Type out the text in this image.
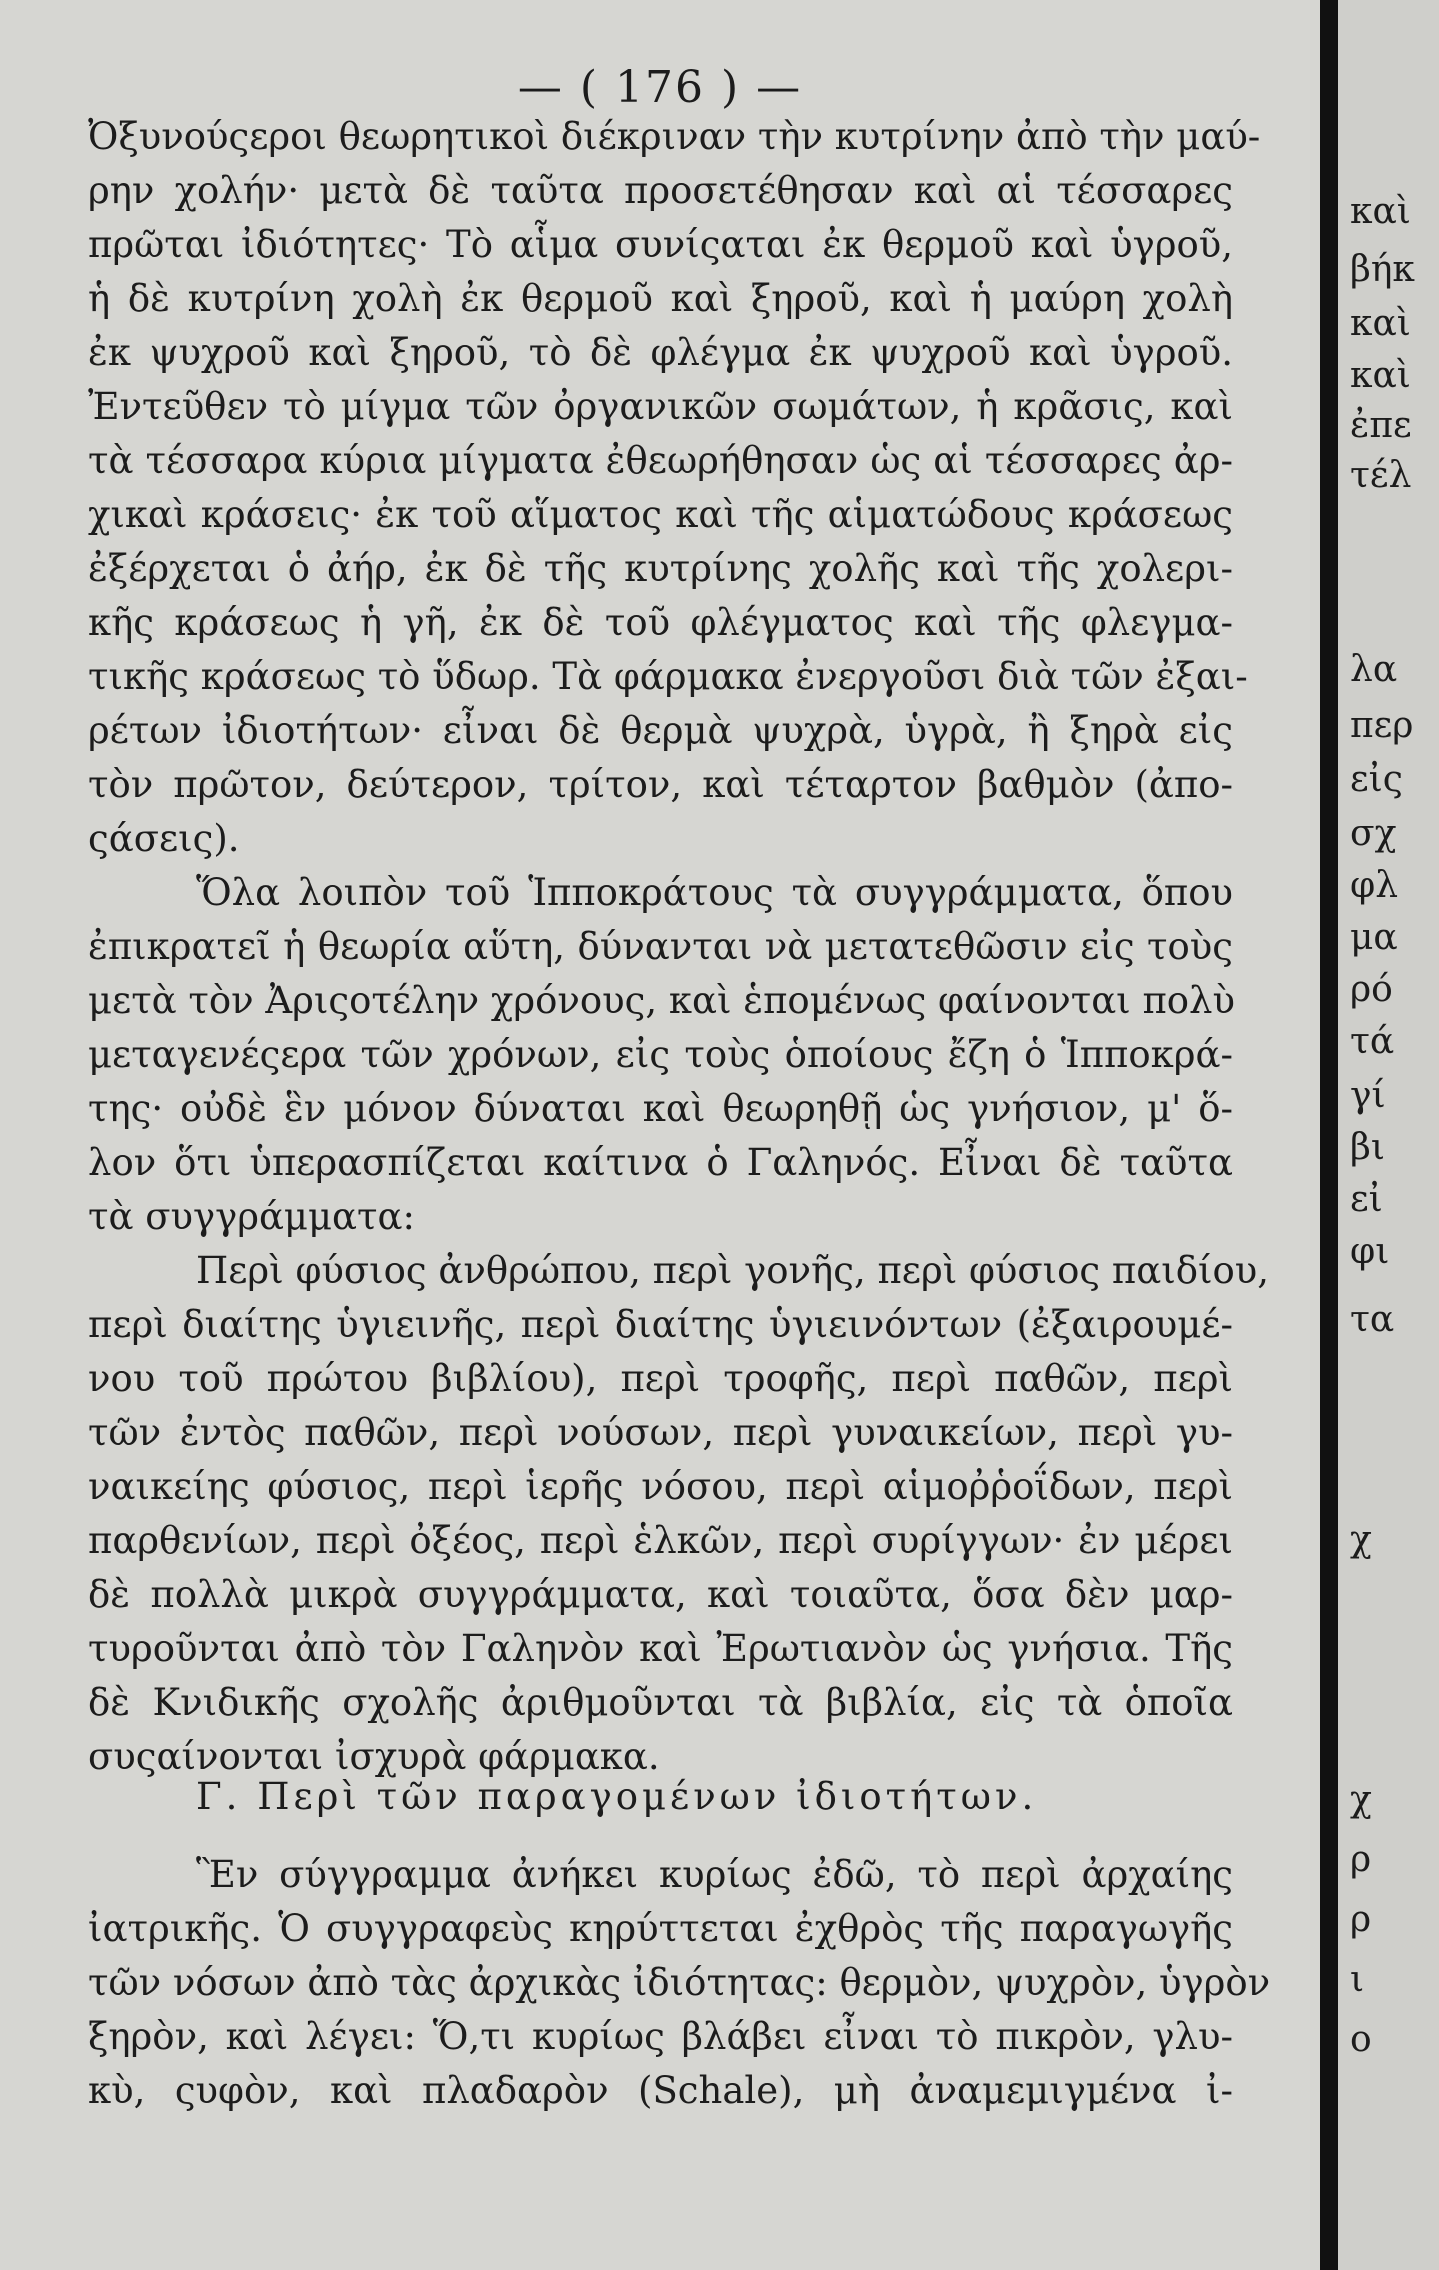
— ( 176 ) —
Ὀξυνούςεροι θεωρητικοὶ διέκριναν τὴν κυτρίνην ἀπὸ τὴν μαύ-
ρην χολήν· μετὰ δὲ ταῦτα προσετέθησαν καὶ αἱ τέσσαρες
πρῶται ἰδιότητες· Τὸ αἷμα συνίςαται ἐκ θερμοῦ καὶ ὑγροῦ,
ἡ δὲ κυτρίνη χολὴ ἐκ θερμοῦ καὶ ξηροῦ, καὶ ἡ μαύρη χολὴ
ἐκ ψυχροῦ καὶ ξηροῦ, τὸ δὲ φλέγμα ἐκ ψυχροῦ καὶ ὑγροῦ.
Ἐντεῦθεν τὸ μίγμα τῶν ὀργανικῶν σωμάτων, ἡ κρᾶσις, καὶ
τὰ τέσσαρα κύρια μίγματα ἐθεωρήθησαν ὡς αἱ τέσσαρες ἀρ-
χικαὶ κράσεις· ἐκ τοῦ αἵματος καὶ τῆς αἱματώδους κράσεως
ἐξέρχεται ὁ ἀήρ, ἐκ δὲ τῆς κυτρίνης χολῆς καὶ τῆς χολερι-
κῆς κράσεως ἡ γῆ, ἐκ δὲ τοῦ φλέγματος καὶ τῆς φλεγμα-
τικῆς κράσεως τὸ ὕδωρ. Τὰ φάρμακα ἐνεργοῦσι διὰ τῶν ἐξαι-
ρέτων ἰδιοτήτων· εἶναι δὲ θερμὰ ψυχρὰ, ὑγρὰ, ἢ ξηρὰ εἰς
τὸν πρῶτον, δεύτερον, τρίτον, καὶ τέταρτον βαθμὸν (ἀπο-
ςάσεις).
Ὅλα λοιπὸν τοῦ Ἱπποκράτους τὰ συγγράμματα, ὅπου
ἐπικρατεῖ ἡ θεωρία αὕτη, δύνανται νὰ μετατεθῶσιν εἰς τοὺς
μετὰ τὸν Ἀριςοτέλην χρόνους, καὶ ἑπομένως φαίνονται πολὺ
μεταγενέςερα τῶν χρόνων, εἰς τοὺς ὁποίους ἔζη ὁ Ἱπποκρά-
της· οὐδὲ ἓν μόνον δύναται καὶ θεωρηθῇ ὡς γνήσιον, μ' ὅ-
λον ὅτι ὑπερασπίζεται καίτινα ὁ Γαληνός. Εἶναι δὲ ταῦτα
τὰ συγγράμματα:
Περὶ φύσιος ἀνθρώπου, περὶ γονῆς, περὶ φύσιος παιδίου,
περὶ διαίτης ὑγιεινῆς, περὶ διαίτης ὑγιεινόντων (ἐξαιρουμέ-
νου τοῦ πρώτου βιβλίου), περὶ τροφῆς, περὶ παθῶν, περὶ
τῶν ἐντὸς παθῶν, περὶ νούσων, περὶ γυναικείων, περὶ γυ-
ναικείης φύσιος, περὶ ἱερῆς νόσου, περὶ αἱμοῤῥοΐδων, περὶ
παρθενίων, περὶ ὀξέος, περὶ ἑλκῶν, περὶ συρίγγων· ἐν μέρει
δὲ πολλὰ μικρὰ συγγράμματα, καὶ τοιαῦτα, ὅσα δὲν μαρ-
τυροῦνται ἀπὸ τὸν Γαληνὸν καὶ Ἐρωτιανὸν ὡς γνήσια. Τῆς
δὲ Κνιδικῆς σχολῆς ἀριθμοῦνται τὰ βιβλία, εἰς τὰ ὁποῖα
συςαίνονται ἰσχυρὰ φάρμακα.
Γ. Περὶ τῶν παραγομένων ἰδιοτήτων.
Ἓν σύγγραμμα ἀνήκει κυρίως ἐδῶ, τὸ περὶ ἀρχαίης
ἰατρικῆς. Ὁ συγγραφεὺς κηρύττεται ἐχθρὸς τῆς παραγωγῆς
τῶν νόσων ἀπὸ τὰς ἀρχικὰς ἰδιότητας: θερμὸν, ψυχρὸν, ὑγρὸν
ξηρὸν, καὶ λέγει: Ὅ,τι κυρίως βλάβει εἶναι τὸ πικρὸν, γλυ-
κὺ, ςυφὸν, καὶ πλαδαρὸν (Schale), μὴ ἀναμεμιγμένα ἰ-
καὶ
βήκ
καὶ
καὶ
ἐπε
τέλ
λα
περ
εἰς
σχ
φλ
μα
ρό
τά
γί
βι
εἰ
φι
τα
χ
χ
ρ
ρ
ι
ο
